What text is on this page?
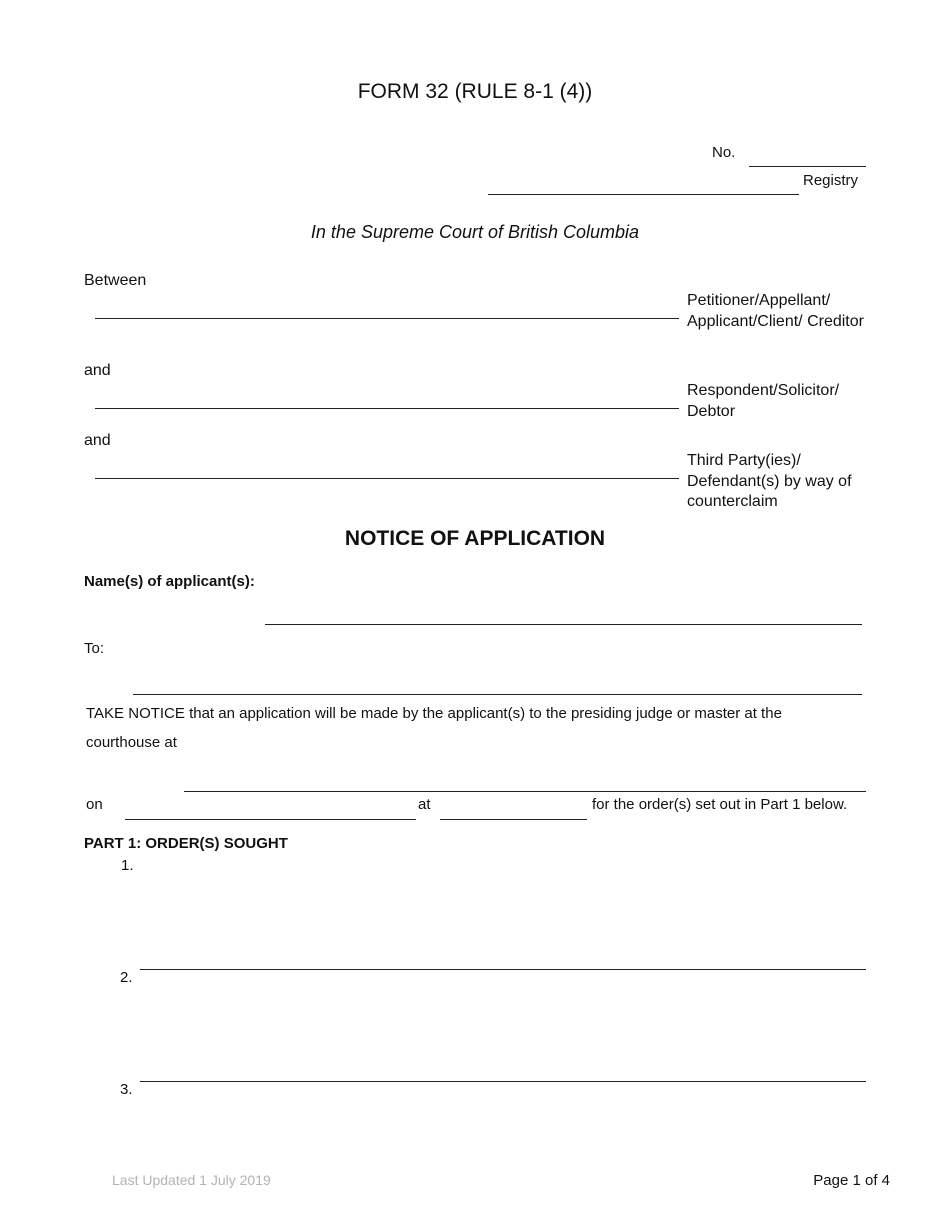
FORM 32 (RULE 8-1 (4))
No.
Registry
In the Supreme Court of British Columbia
Between
Petitioner/Appellant/ Applicant/Client/ Creditor
and
Respondent/Solicitor/ Debtor
and
Third Party(ies)/ Defendant(s) by way of counterclaim
NOTICE OF APPLICATION
Name(s) of applicant(s):
To:
TAKE NOTICE that an application will be made by the applicant(s) to the presiding judge or master at the
courthouse at
on	at	for the order(s) set out in Part 1 below.
PART 1: ORDER(S) SOUGHT
1.
2.
3.
Last Updated 1 July 2019	Page 1 of 4
